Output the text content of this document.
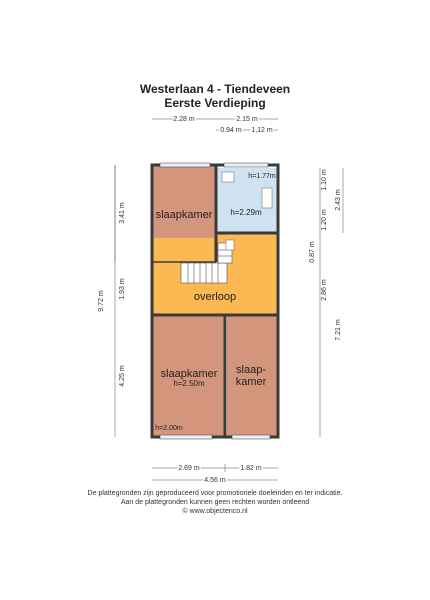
Westerlaan 4 - Tiendeveen
Eerste Verdieping
slaapkamer h=2.29m
h=1.77m
overloop
slaapkamer
h=2.50m
slaap-
kamer
h=2.00m
2.28 m	2.15 m
0.94 m 1,12 m
9.72 m
3.41 m
1.93 m
4.25 m
7.21 m
2.43 m
1.10 m
1.20 m
0.87 m
2.86 m
2.69 m	1.82 m
4.56 m
De plattegronden zijn geproduceerd voor promotionele doeleinden en ter indicatie.
Aan de plattegronden kunnen geen rechten worden ontleend
© www.objectenco.nl
